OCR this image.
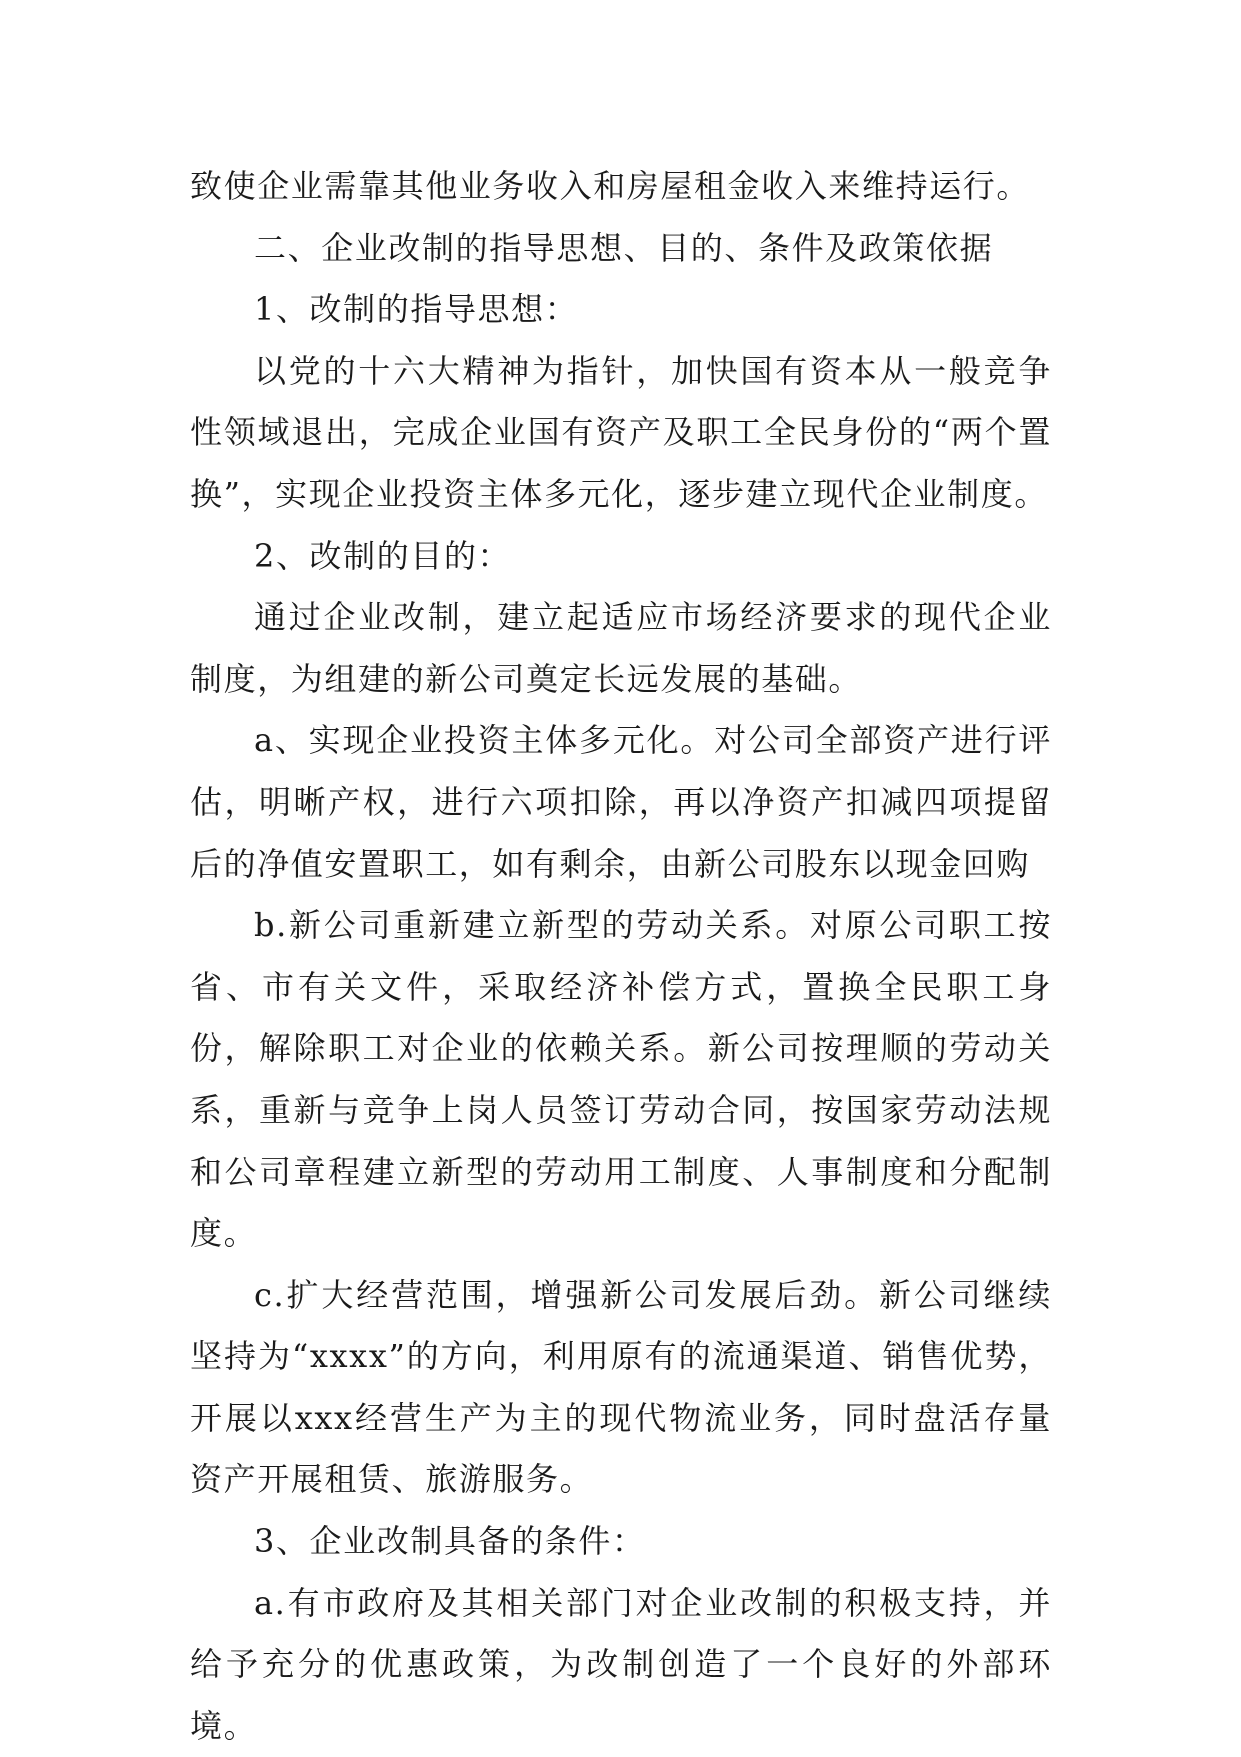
致使企业需靠其他业务收入和房屋租金收入来维持运行。

二、企业改制的指导思想、目的、条件及政策依据

1、改制的指导思想：

以党的十六大精神为指针，加快国有资本从一般竞争性领域退出，完成企业国有资产及职工全民身份的“两个置换”，实现企业投资主体多元化，逐步建立现代企业制度。

2、改制的目的：

通过企业改制，建立起适应市场经济要求的现代企业制度，为组建的新公司奠定长远发展的基础。

a、实现企业投资主体多元化。对公司全部资产进行评估，明晰产权，进行六项扣除，再以净资产扣减四项提留后的净值安置职工，如有剩余，由新公司股东以现金回购

b.新公司重新建立新型的劳动关系。对原公司职工按省、市有关文件，采取经济补偿方式，置换全民职工身份，解除职工对企业的依赖关系。新公司按理顺的劳动关系，重新与竞争上岗人员签订劳动合同，按国家劳动法规和公司章程建立新型的劳动用工制度、人事制度和分配制度。

c.扩大经营范围，增强新公司发展后劲。新公司继续坚持为“xxxx”的方向，利用原有的流通渠道、销售优势，开展以xxx经营生产为主的现代物流业务，同时盘活存量资产开展租赁、旅游服务。

3、企业改制具备的条件：

a.有市政府及其相关部门对企业改制的积极支持，并给予充分的优惠政策，为改制创造了一个良好的外部环境。
